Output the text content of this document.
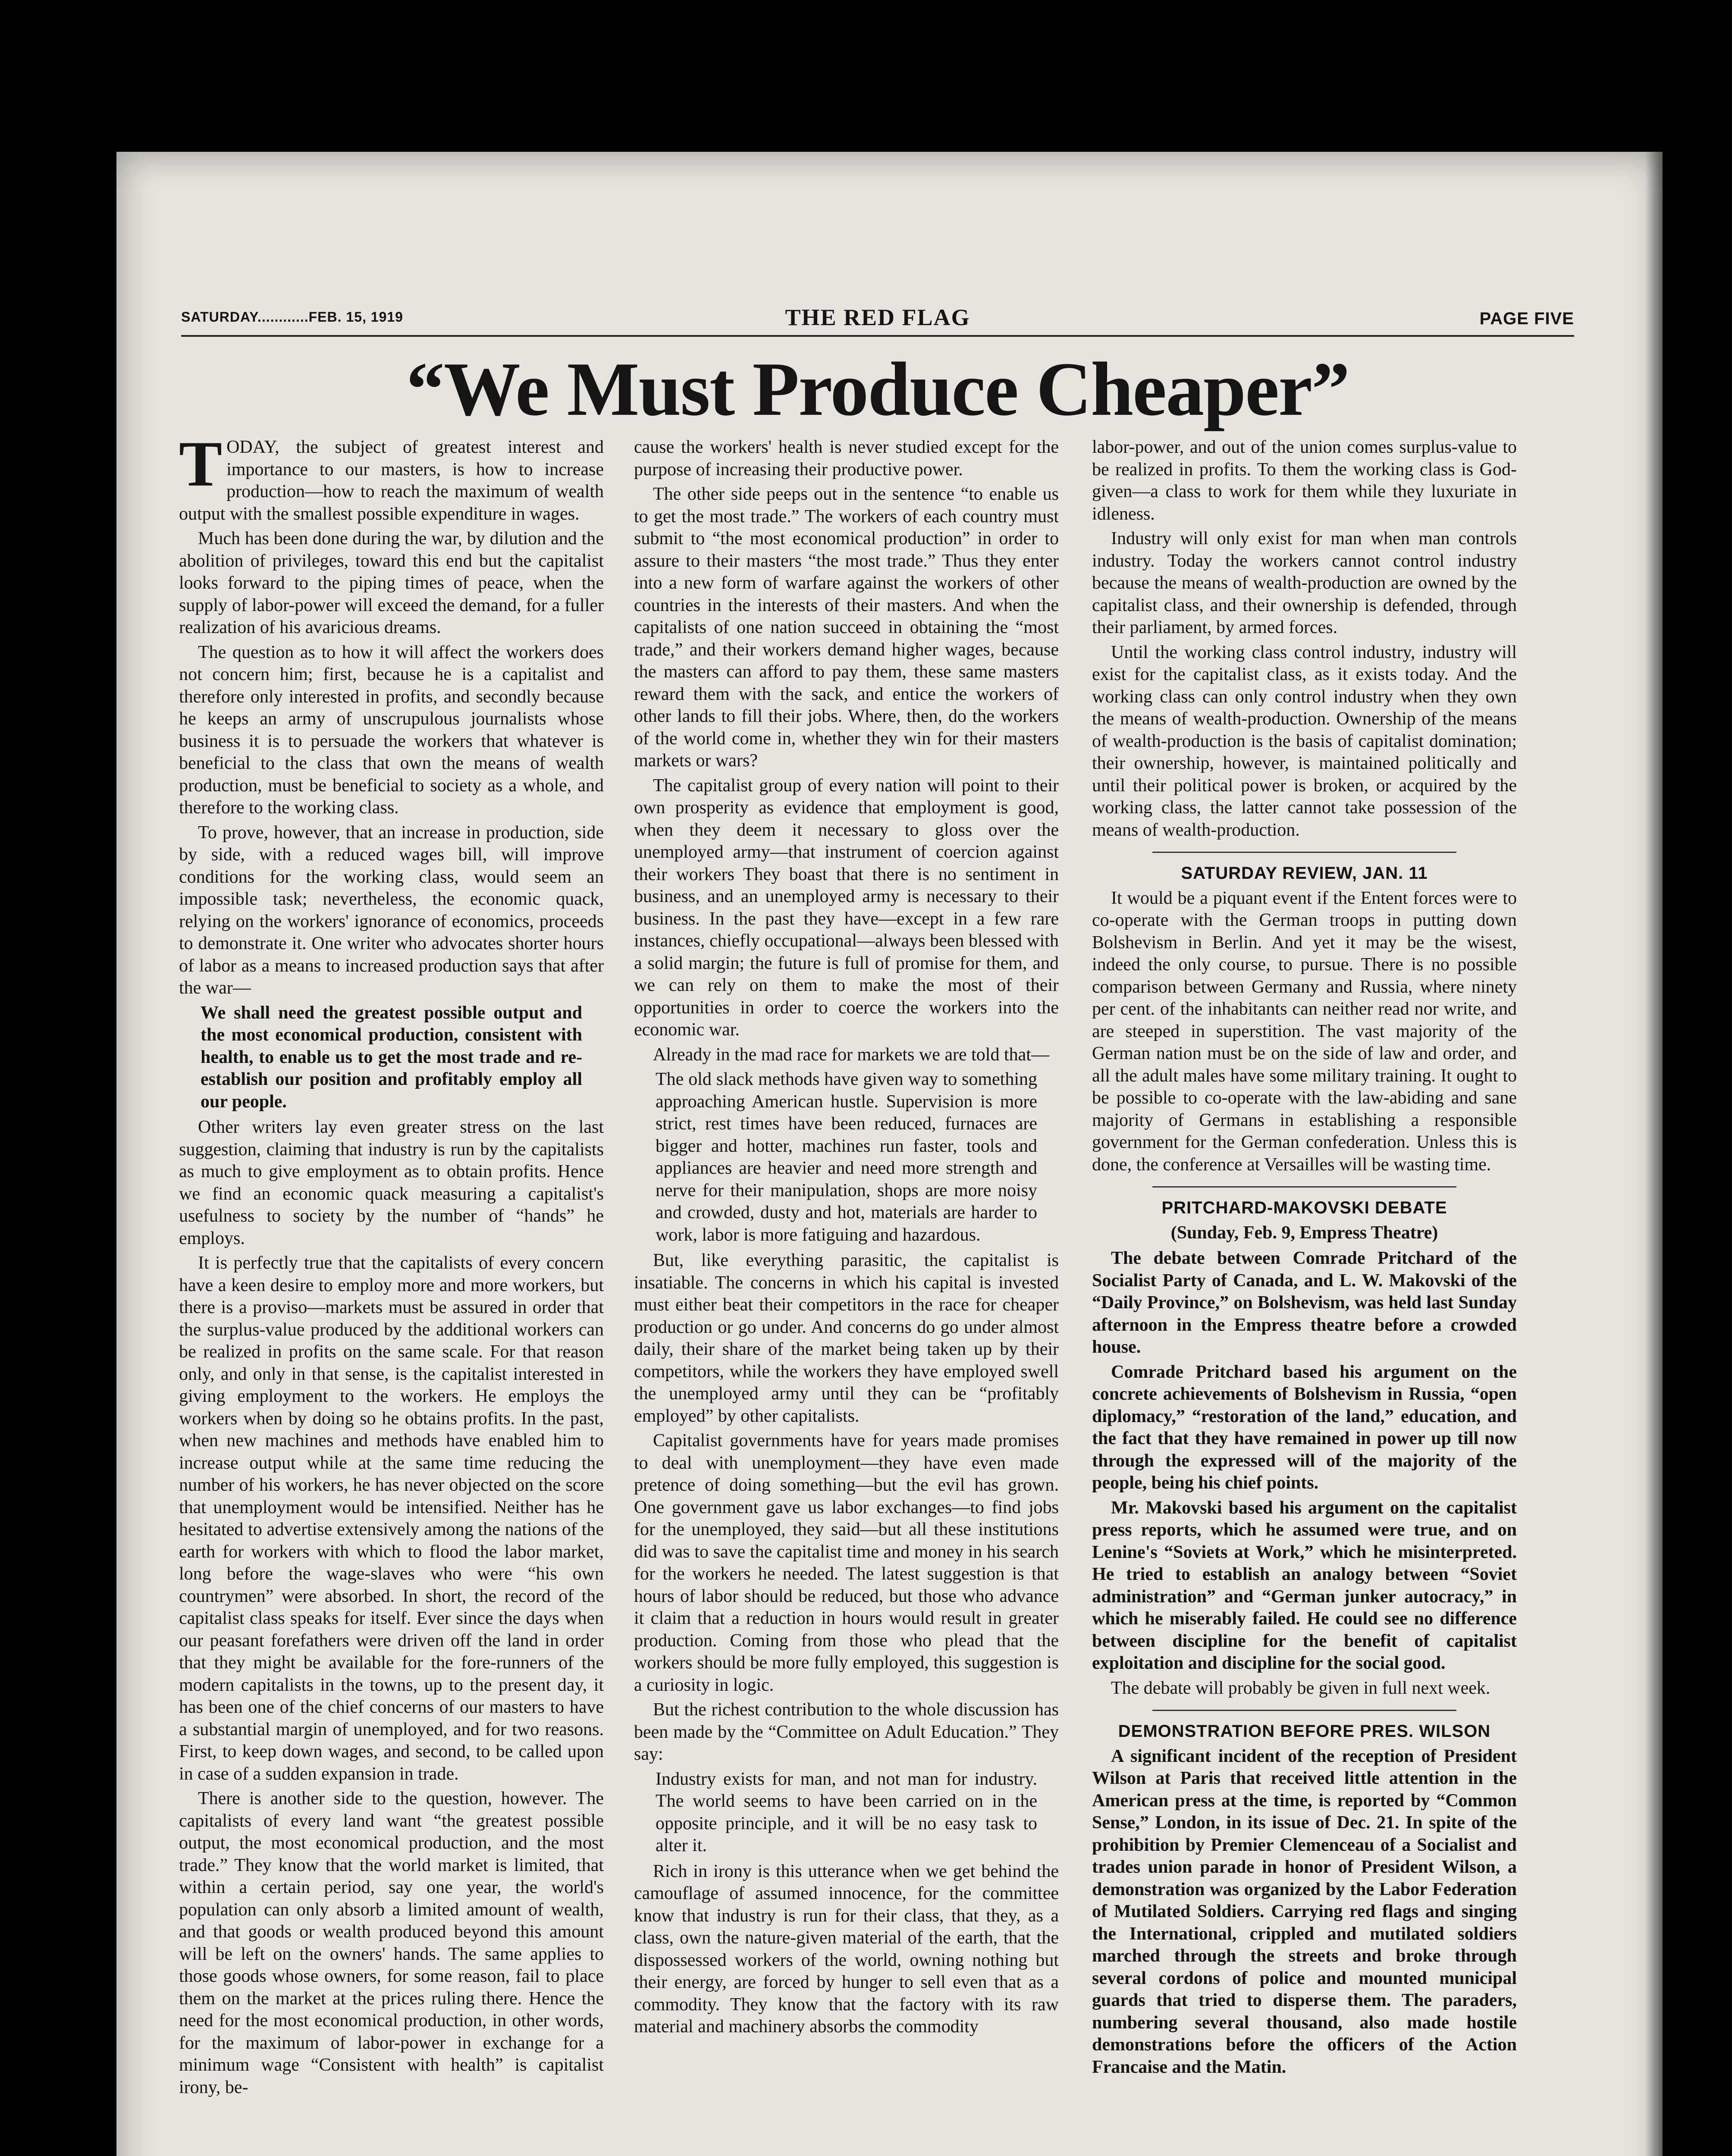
SATURDAY............FEB. 15, 1919	THE RED FLAG	PAGE FIVE
“We Must Produce Cheaper”

TODAY, the subject of greatest interest and importance to our masters, is how to increase production—how to reach the maximum of wealth output with the smallest possible expenditure in wages.

Much has been done during the war, by dilution and the abolition of privileges, toward this end but the capitalist looks forward to the piping times of peace, when the supply of labor-power will exceed the demand, for a fuller realization of his avaricious dreams.

The question as to how it will affect the workers does not concern him; first, because he is a capitalist and therefore only interested in profits, and secondly because he keeps an army of unscrupulous journalists whose business it is to persuade the workers that whatever is beneficial to the class that own the means of wealth production, must be beneficial to society as a whole, and therefore to the working class.

To prove, however, that an increase in production, side by side, with a reduced wages bill, will improve conditions for the working class, would seem an impossible task; nevertheless, the economic quack, relying on the workers' ignorance of economics, proceeds to demonstrate it. One writer who advocates shorter hours of labor as a means to increased production says that after the war—

We shall need the greatest possible output and the most economical production, consistent with health, to enable us to get the most trade and re-establish our position and profitably employ all our people.

Other writers lay even greater stress on the last suggestion, claiming that industry is run by the capitalists as much to give employment as to obtain profits. Hence we find an economic quack measuring a capitalist's usefulness to society by the number of “hands” he employs.

It is perfectly true that the capitalists of every concern have a keen desire to employ more and more workers, but there is a proviso—markets must be assured in order that the surplus-value produced by the additional workers can be realized in profits on the same scale. For that reason only, and only in that sense, is the capitalist interested in giving employment to the workers. He employs the workers when by doing so he obtains profits. In the past, when new machines and methods have enabled him to increase output while at the same time reducing the number of his workers, he has never objected on the score that unemployment would be intensified. Neither has he hesitated to advertise extensively among the nations of the earth for workers with which to flood the labor market, long before the wage-slaves who were “his own countrymen” were absorbed. In short, the record of the capitalist class speaks for itself. Ever since the days when our peasant forefathers were driven off the land in order that they might be available for the fore-runners of the modern capitalists in the towns, up to the present day, it has been one of the chief concerns of our masters to have a substantial margin of unemployed, and for two reasons. First, to keep down wages, and second, to be called upon in case of a sudden expansion in trade.

There is another side to the question, however. The capitalists of every land want “the greatest possible output, the most economical production, and the most trade.” They know that the world market is limited, that within a certain period, say one year, the world's population can only absorb a limited amount of wealth, and that goods or wealth produced beyond this amount will be left on the owners' hands. The same applies to those goods whose owners, for some reason, fail to place them on the market at the prices ruling there. Hence the need for the most economical production, in other words, for the maximum of labor-power in exchange for a minimum wage “Consistent with health” is capitalist irony, be-

cause the workers' health is never studied except for the purpose of increasing their productive power.

The other side peeps out in the sentence “to enable us to get the most trade.” The workers of each country must submit to “the most economical production” in order to assure to their masters “the most trade.” Thus they enter into a new form of warfare against the workers of other countries in the interests of their masters. And when the capitalists of one nation succeed in obtaining the “most trade,” and their workers demand higher wages, because the masters can afford to pay them, these same masters reward them with the sack, and entice the workers of other lands to fill their jobs. Where, then, do the workers of the world come in, whether they win for their masters markets or wars?

The capitalist group of every nation will point to their own prosperity as evidence that employment is good, when they deem it necessary to gloss over the unemployed army—that instrument of coercion against their workers They boast that there is no sentiment in business, and an unemployed army is necessary to their business. In the past they have—except in a few rare instances, chiefly occupational—always been blessed with a solid margin; the future is full of promise for them, and we can rely on them to make the most of their opportunities in order to coerce the workers into the economic war.

Already in the mad race for markets we are told that—

The old slack methods have given way to something approaching American hustle. Supervision is more strict, rest times have been reduced, furnaces are bigger and hotter, machines run faster, tools and appliances are heavier and need more strength and nerve for their manipulation, shops are more noisy and crowded, dusty and hot, materials are harder to work, labor is more fatiguing and hazardous.

But, like everything parasitic, the capitalist is insatiable. The concerns in which his capital is invested must either beat their competitors in the race for cheaper production or go under. And concerns do go under almost daily, their share of the market being taken up by their competitors, while the workers they have employed swell the unemployed army until they can be “profitably employed” by other capitalists.

Capitalist governments have for years made promises to deal with unemployment—they have even made pretence of doing something—but the evil has grown. One government gave us labor exchanges—to find jobs for the unemployed, they said—but all these institutions did was to save the capitalist time and money in his search for the workers he needed. The latest suggestion is that hours of labor should be reduced, but those who advance it claim that a reduction in hours would result in greater production. Coming from those who plead that the workers should be more fully employed, this suggestion is a curiosity in logic.

But the richest contribution to the whole discussion has been made by the “Committee on Adult Education.” They say:

Industry exists for man, and not man for industry. The world seems to have been carried on in the opposite principle, and it will be no easy task to alter it.

Rich in irony is this utterance when we get behind the camouflage of assumed innocence, for the committee know that industry is run for their class, that they, as a class, own the nature-given material of the earth, that the dispossessed workers of the world, owning nothing but their energy, are forced by hunger to sell even that as a commodity. They know that the factory with its raw material and machinery absorbs the commodity

labor-power, and out of the union comes surplus-value to be realized in profits. To them the working class is God-given—a class to work for them while they luxuriate in idleness.

Industry will only exist for man when man controls industry. Today the workers cannot control industry because the means of wealth-production are owned by the capitalist class, and their ownership is defended, through their parliament, by armed forces.

Until the working class control industry, industry will exist for the capitalist class, as it exists today. And the working class can only control industry when they own the means of wealth-production. Ownership of the means of wealth-production is the basis of capitalist domination; their ownership, however, is maintained politically and until their political power is broken, or acquired by the working class, the latter cannot take possession of the means of wealth-production.

SATURDAY REVIEW, JAN. 11

It would be a piquant event if the Entent forces were to co-operate with the German troops in putting down Bolshevism in Berlin. And yet it may be the wisest, indeed the only course, to pursue. There is no possible comparison between Germany and Russia, where ninety per cent. of the inhabitants can neither read nor write, and are steeped in superstition. The vast majority of the German nation must be on the side of law and order, and all the adult males have some military training. It ought to be possible to co-operate with the law-abiding and sane majority of Germans in establishing a responsible government for the German confederation. Unless this is done, the conference at Versailles will be wasting time.

PRITCHARD-MAKOVSKI DEBATE
(Sunday, Feb. 9, Empress Theatre)

The debate between Comrade Pritchard of the Socialist Party of Canada, and L. W. Makovski of the “Daily Province,” on Bolshevism, was held last Sunday afternoon in the Empress theatre before a crowded house.

Comrade Pritchard based his argument on the concrete achievements of Bolshevism in Russia, “open diplomacy,” “restoration of the land,” education, and the fact that they have remained in power up till now through the expressed will of the majority of the people, being his chief points.

Mr. Makovski based his argument on the capitalist press reports, which he assumed were true, and on Lenine's “Soviets at Work,” which he misinterpreted. He tried to establish an analogy between “Soviet administration” and “German junker autocracy,” in which he miserably failed. He could see no difference between discipline for the benefit of capitalist exploitation and discipline for the social good.

The debate will probably be given in full next week.

DEMONSTRATION BEFORE PRES. WILSON

A significant incident of the reception of President Wilson at Paris that received little attention in the American press at the time, is reported by “Common Sense,” London, in its issue of Dec. 21. In spite of the prohibition by Premier Clemenceau of a Socialist and trades union parade in honor of President Wilson, a demonstration was organized by the Labor Federation of Mutilated Soldiers. Carrying red flags and singing the International, crippled and mutilated soldiers marched through the streets and broke through several cordons of police and mounted municipal guards that tried to disperse them. The paraders, numbering several thousand, also made hostile demonstrations before the officers of the Action Francaise and the Matin.
